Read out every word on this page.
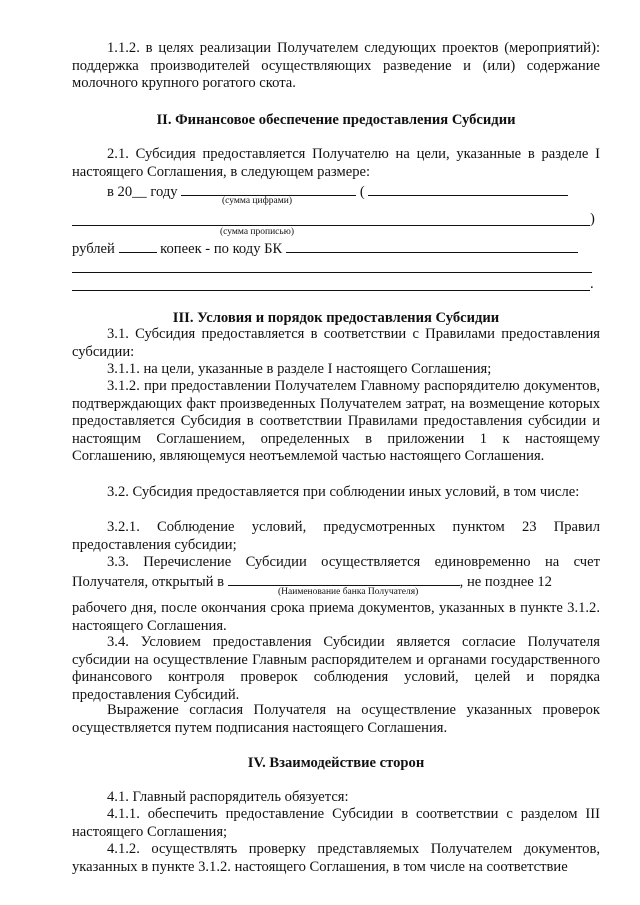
1.1.2. в целях реализации Получателем следующих проектов (мероприятий): поддержка производителей осуществляющих разведение и (или) содержание молочного крупного рогатого скота.
II. Финансовое обеспечение предоставления Субсидии
2.1. Субсидия предоставляется Получателю на цели, указанные в разделе I настоящего Соглашения, в следующем размере:
в 20__ году	(
(сумма цифрами)
)
(сумма прописью)
рублей	копеек - по коду БК
.
III. Условия и порядок предоставления Субсидии
3.1. Субсидия предоставляется в соответствии с Правилами предоставления субсидии:
3.1.1. на цели, указанные в разделе I настоящего Соглашения;
3.1.2. при предоставлении Получателем Главному распорядителю документов, подтверждающих факт произведенных Получателем затрат, на возмещение которых предоставляется Субсидия в соответствии Правилами предоставления субсидии и настоящим Соглашением, определенных в приложении 1 к настоящему Соглашению, являющемуся неотъемлемой частью настоящего Соглашения.
3.2. Субсидия предоставляется при соблюдении иных условий, в том числе:
3.2.1. Соблюдение условий, предусмотренных пунктом 23 Правил предоставления субсидии;
3.3. Перечисление Субсидии осуществляется единовременно на счет
Получателя, открытый в	, не позднее 12
(Наименование банка Получателя)
рабочего дня, после окончания срока приема документов, указанных в пункте 3.1.2. настоящего Соглашения.
3.4. Условием предоставления Субсидии является согласие Получателя субсидии на осуществление Главным распорядителем и органами государственного финансового контроля проверок соблюдения условий, целей и порядка предоставления Субсидий.
Выражение согласия Получателя на осуществление указанных проверок осуществляется путем подписания настоящего Соглашения.
IV. Взаимодействие сторон
4.1. Главный распорядитель обязуется:
4.1.1. обеспечить предоставление Субсидии в соответствии с разделом III настоящего Соглашения;
4.1.2. осуществлять проверку представляемых Получателем документов, указанных в пункте 3.1.2. настоящего Соглашения, в том числе на соответствие
